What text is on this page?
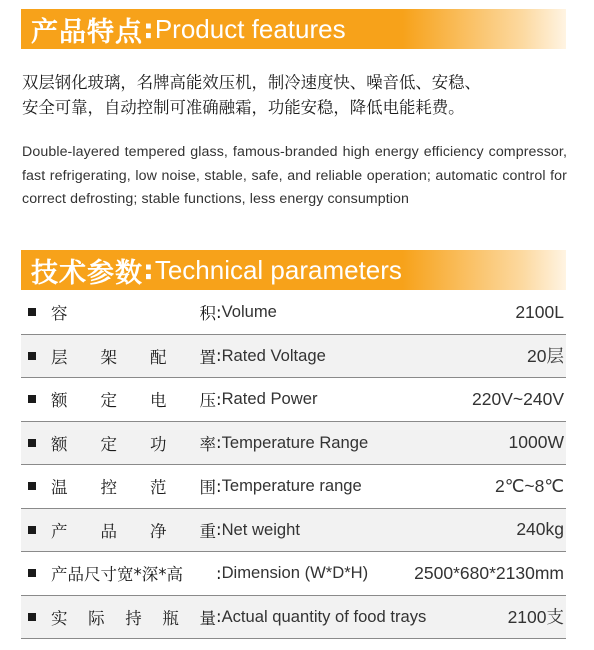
产品特点 : Product features
双层钢化玻璃，名牌高能效压机，制冷速度快、噪音低、安稳、
安全可靠，自动控制可准确融霜，功能安稳，降低电能耗费。
Double-layered tempered glass, famous-branded high energy efficiency compressor, fast refrigerating, low noise, stable, safe, and reliable operation; automatic control for correct defrosting; stable functions, less energy consumption
技术参数 : Technical parameters
容	积 : Volume	2100L
层 架 配 置 : Rated Voltage	20层
额 定 电 压 : Rated Power	220V~240V
额 定 功 率 : Temperature Range	1000W
温 控 范 围 : Temperature range	2℃~8℃
产 品 净 重 : Net weight	240kg
产品尺寸宽*深*高	: Dimension (W*D*H)	2500*680*2130mm
实 际 持 瓶 量 : Actual quantity of food trays	2100支
